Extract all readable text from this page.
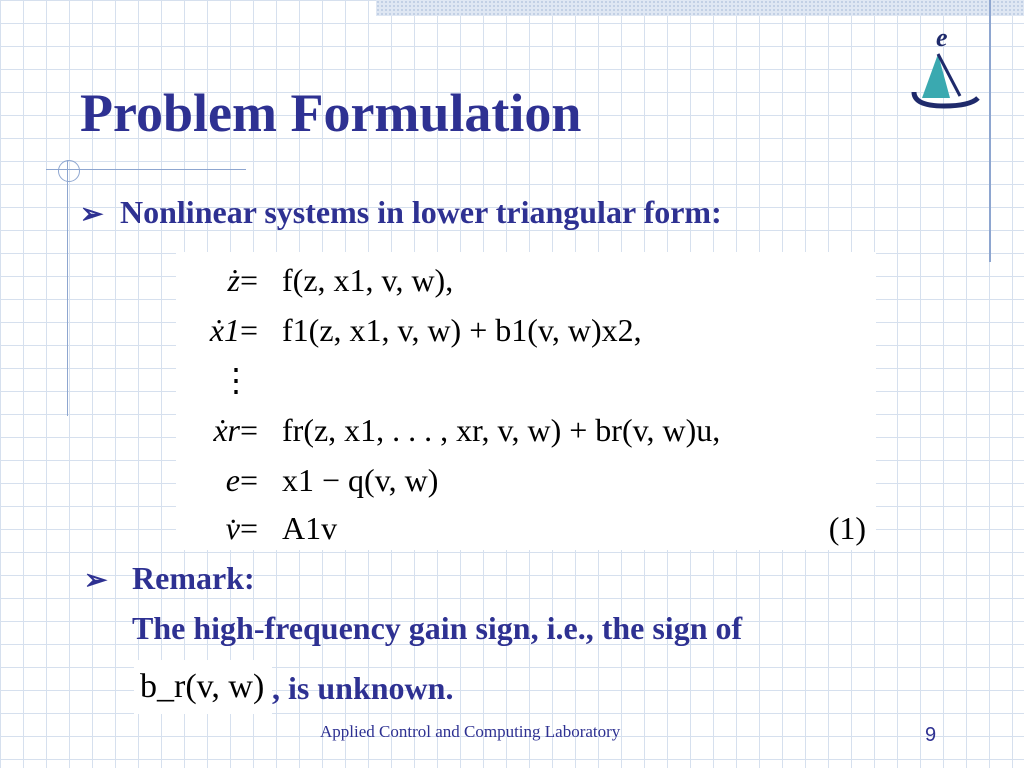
e
Problem Formulation
➢ Nonlinear systems in lower triangular form:
ż = f(z, x1, v, w),
ẋ1 = f1(z, x1, v, w) + b1(v, w)x2,
⋮
ẋr = fr(z, x1, . . . , xr, v, w) + br(v, w)u,
e = x1 − q(v, w)
v̇ = A1v	(1)
➢ Remark:
The high-frequency gain sign, i.e., the sign of
b_r(v, w) , is unknown.
Applied Control and Computing Laboratory	9
